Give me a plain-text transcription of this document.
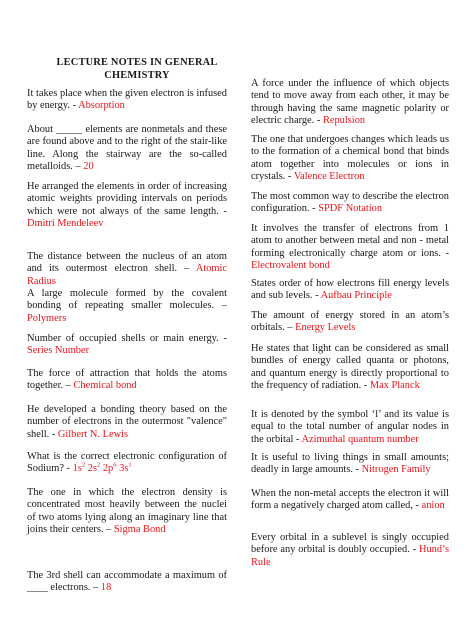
LECTURE NOTES IN GENERAL CHEMISTRY
It takes place when the given electron is infused by energy. - Absorption
About _____ elements are nonmetals and these are found above and to the right of the stair-like line. Along the stairway are the so-called metalloids. – 20
He arranged the elements in order of increasing atomic weights providing intervals on periods which were not always of the same length. - Dmitri Mendeleev
The distance between the nucleus of an atom and its outermost electron shell. – Atomic Radius
A large molecule formed by the covalent bonding of repeating smaller molecules. – Polymers
Number of occupied shells or main energy. - Series Number
The force of attraction that holds the atoms together. – Chemical bond
He developed a bonding theory based on the number of electrons in the outermost "valence" shell. - Gilbert N. Lewis
What is the correct electronic configuration of Sodium? - $1s^2$ $2s^2$ $2p^6$ $3s^1$
The one in which the electron density is concentrated most heavily between the nuclei of two atoms lying along an imaginary line that joins their centers. – Sigma Bond
The 3rd shell can accommodate a maximum of ____ electrons. – 18
A force under the influence of which objects tend to move away from each other, it may be through having the same magnetic polarity or electric charge. - Repulsion
The one that undergoes changes which leads us to the formation of a chemical bond that binds atom together into molecules or ions in crystals. - Valence Electron
The most common way to describe the electron configuration. - SPDF Notation
It involves the transfer of electrons from 1 atom to another between metal and non - metal forming electronically charge atom or ions. - Electrovalent bond
States order of how electrons fill energy levels and sub levels. - Aufbau Principle
The amount of energy stored in an atom’s orbitals. – Energy Levels
He states that light can be considered as small bundles of energy called quanta or photons, and quantum energy is directly proportional to the frequency of radiation. - Max Planck
It is denoted by the symbol ‘l’ and its value is equal to the total number of angular nodes in the orbital - Azimuthal quantum number
It is useful to living things in small amounts; deadly in large amounts. - Nitrogen Family
When the non-metal accepts the electron it will form a negatively charged atom called, - anion
Every orbital in a sublevel is singly occupied before any orbital is doubly occupied. - Hund’s Rule
